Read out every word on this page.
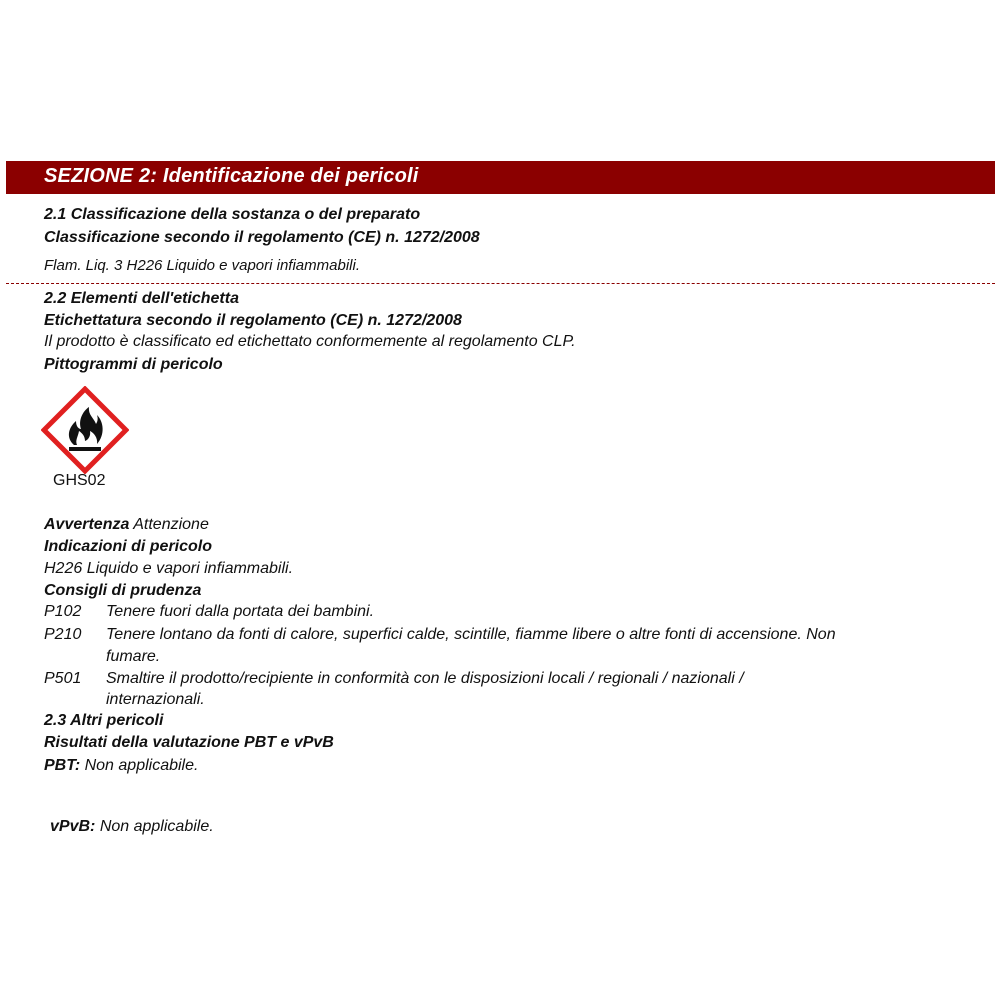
SEZIONE 2: Identificazione dei pericoli
2.1 Classificazione della sostanza o del preparato
Classificazione secondo il regolamento (CE) n. 1272/2008
Flam. Liq. 3 H226 Liquido e vapori infiammabili.
2.2 Elementi dell'etichetta
Etichettatura secondo il regolamento (CE) n. 1272/2008
Il prodotto è classificato ed etichettato conformemente al regolamento CLP.
Pittogrammi di pericolo
GHS02
Avvertenza Attenzione
Indicazioni di pericolo
H226 Liquido e vapori infiammabili.
Consigli di prudenza
P102 Tenere fuori dalla portata dei bambini.
P210 Tenere lontano da fonti di calore, superfici calde, scintille, fiamme libere o altre fonti di accensione. Non
fumare.
P501 Smaltire il prodotto/recipiente in conformità con le disposizioni locali / regionali / nazionali /
internazionali.
2.3 Altri pericoli
Risultati della valutazione PBT e vPvB
PBT: Non applicabile.
vPvB: Non applicabile.
